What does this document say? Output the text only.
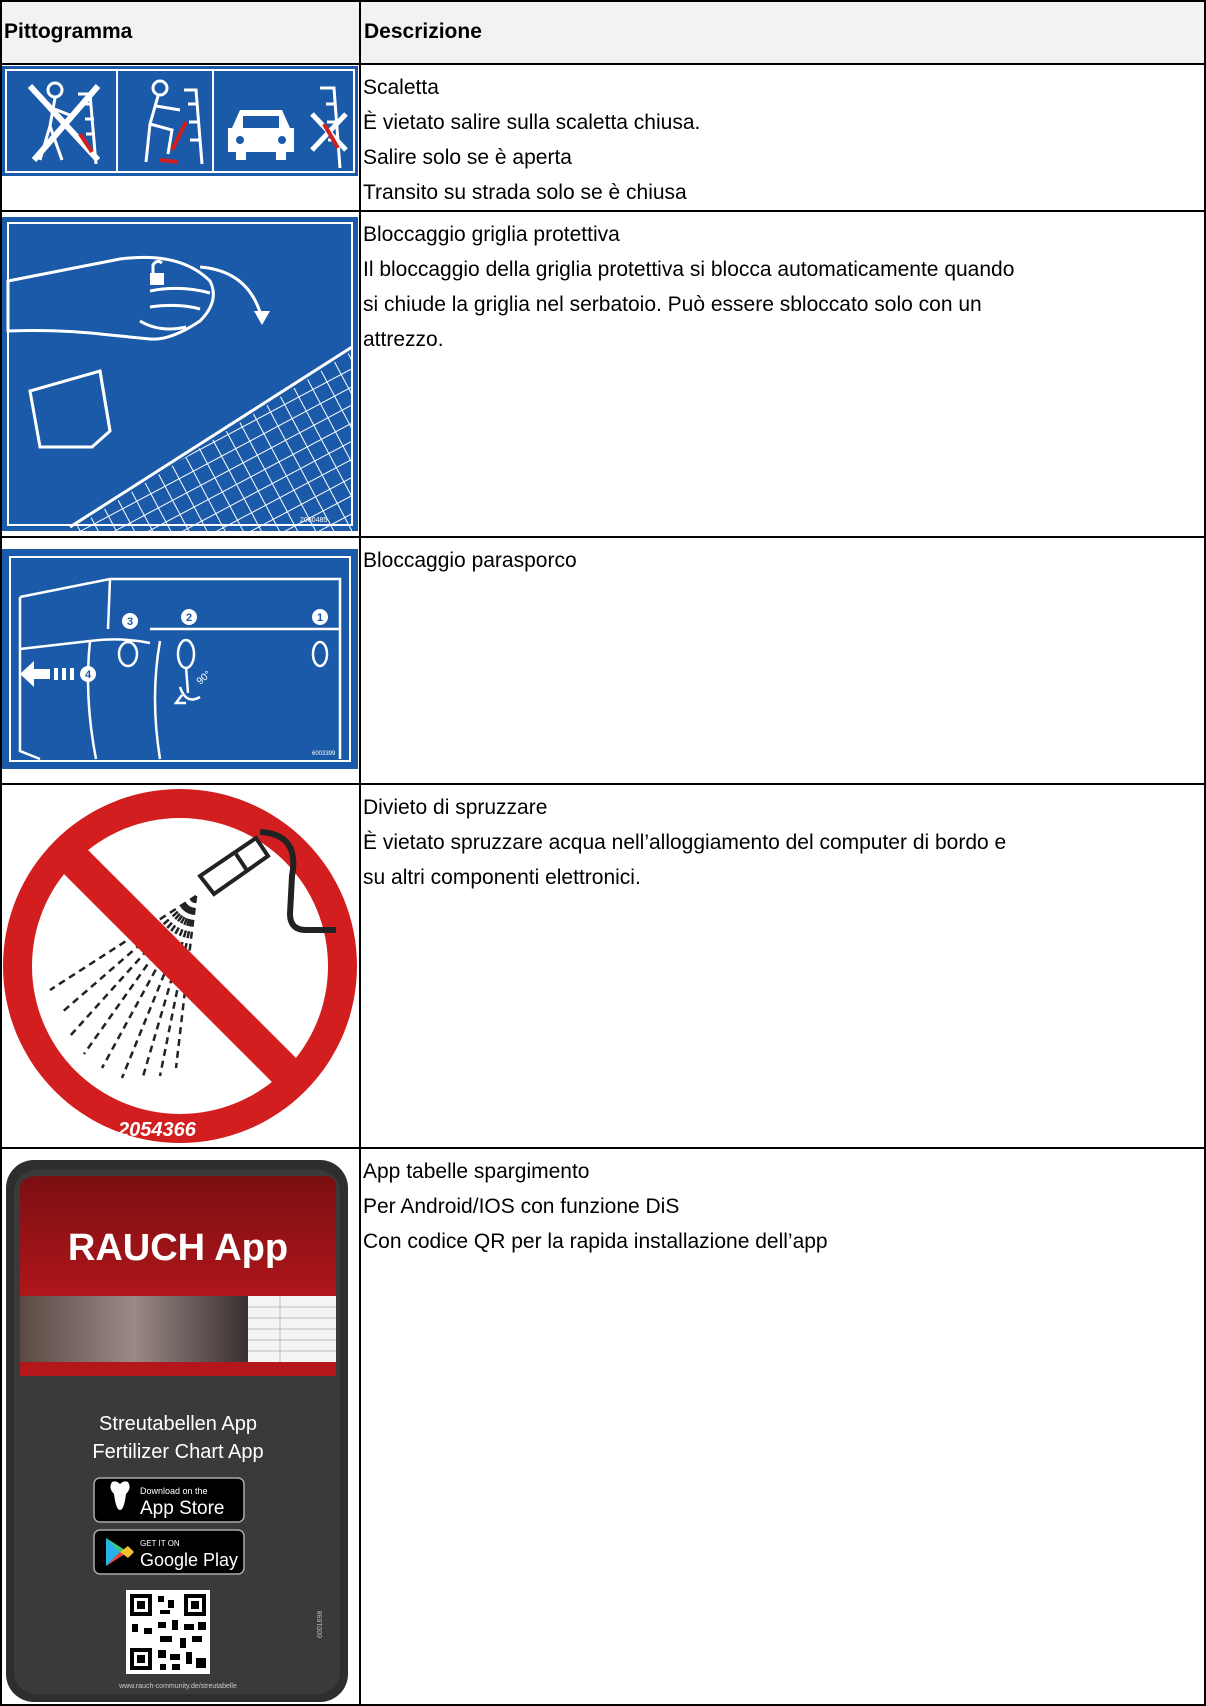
Pittogramma	Descrizione
Scaletta
È vietato salire sulla scaletta chiusa.
Salire solo se è aperta
Transito su strada solo se è chiusa
2060485
Bloccaggio griglia protettiva
Il bloccaggio della griglia protettiva si blocca automaticamente quando
si chiude la griglia nel serbatoio. Può essere sbloccato solo con un
attrezzo.
1
2
3
4	90°
6003399
Bloccaggio parasporco
2054366
Divieto di spruzzare
È vietato spruzzare acqua nell’alloggiamento del computer di bordo e
su altri componenti elettronici.
RAUCH App
Streutabellen App
Fertilizer Chart App
Download on the
App Store
GET IT ON
Google Play
www.rauch-community.de/streutabelle
6001698
App tabelle spargimento
Per Android/IOS con funzione DiS
Con codice QR per la rapida installazione dell’app
